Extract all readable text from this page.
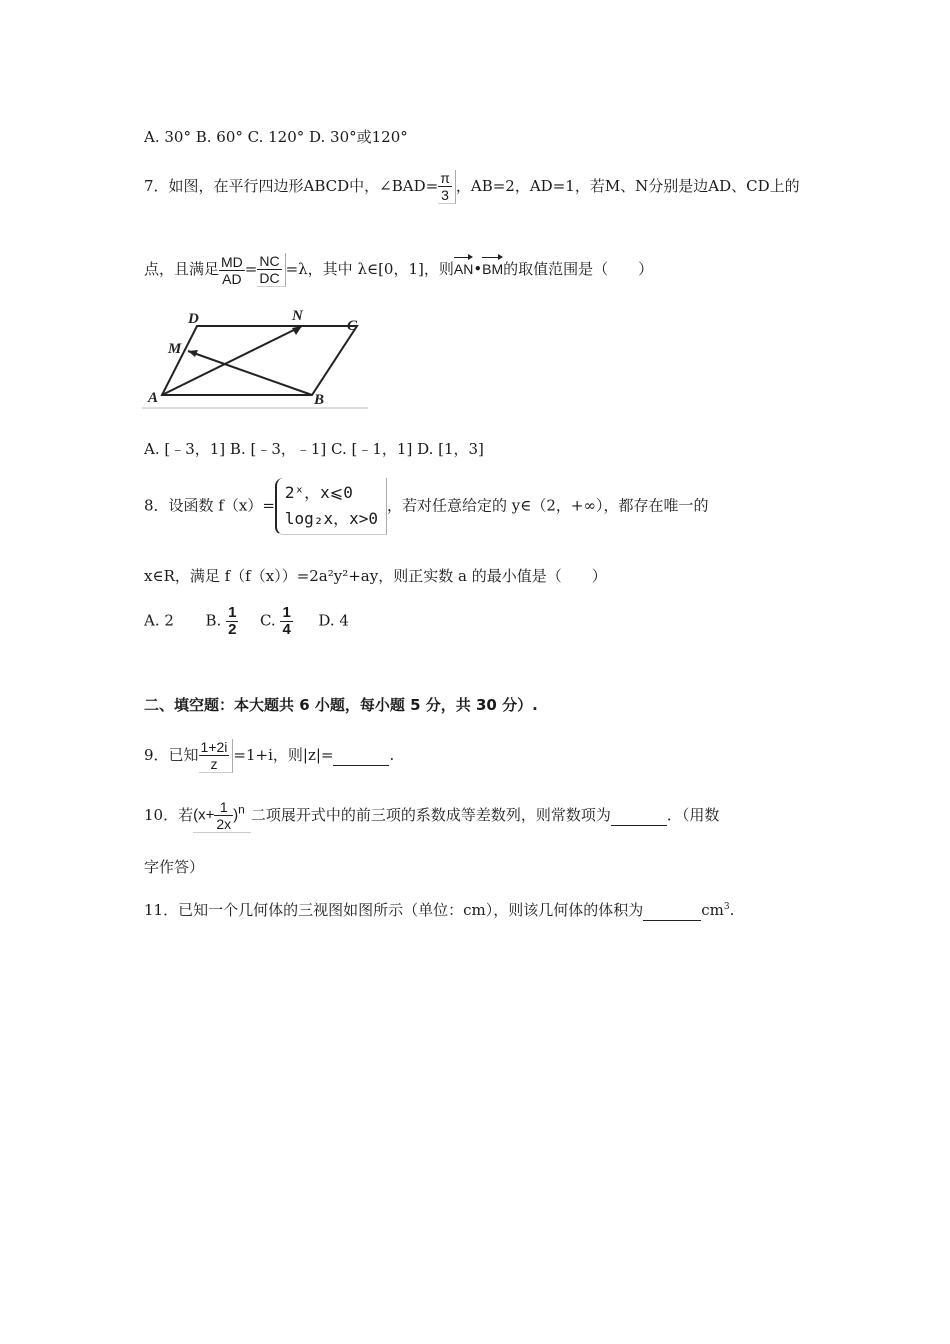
A. 30° B. 60° C. 120° D. 30°或120°
7．如图，在平行四边形ABCD中，∠BAD= $\frac{\pi}{3}$ ，AB=2，AD=1，若M、N分别是边AD、CD上的
点，且满足 $\frac{MD}{AD} = \frac{NC}{DC} =\lambda$，其中 λ∈[0，1]，则AN•BM的取值范围是（　　）
D	N
C
M
A	B
A. [﹣3，1] B. [﹣3，﹣1] C. [﹣1，1] D. [1，3]
8．设函数 f（x）=
2ˣ，x⩽0
log₂x，x>0
，若对任意给定的 y∈（2，+∞），都存在唯一的
x∈R，满足 f（f（x））=2a²y²+ay，则正实数 a 的最小值是（　　）
A. 2 B. $\frac{1}{2} C$. $\frac{1}{4} D$. 4
二、填空题：本大题共 6 小题，每小题 5 分，共 30 分）.
9．已知 $\frac{1+2i}{z} =1+i$，则|z|=	.
10．若$(x+ \frac{1}{2x} )^n$ 二项展开式中的前三项的系数成等差数列，则常数项为	．（用数
字作答）
11．已知一个几何体的三视图如图所示（单位：cm），则该几何体的体积为	$cm^3$.
